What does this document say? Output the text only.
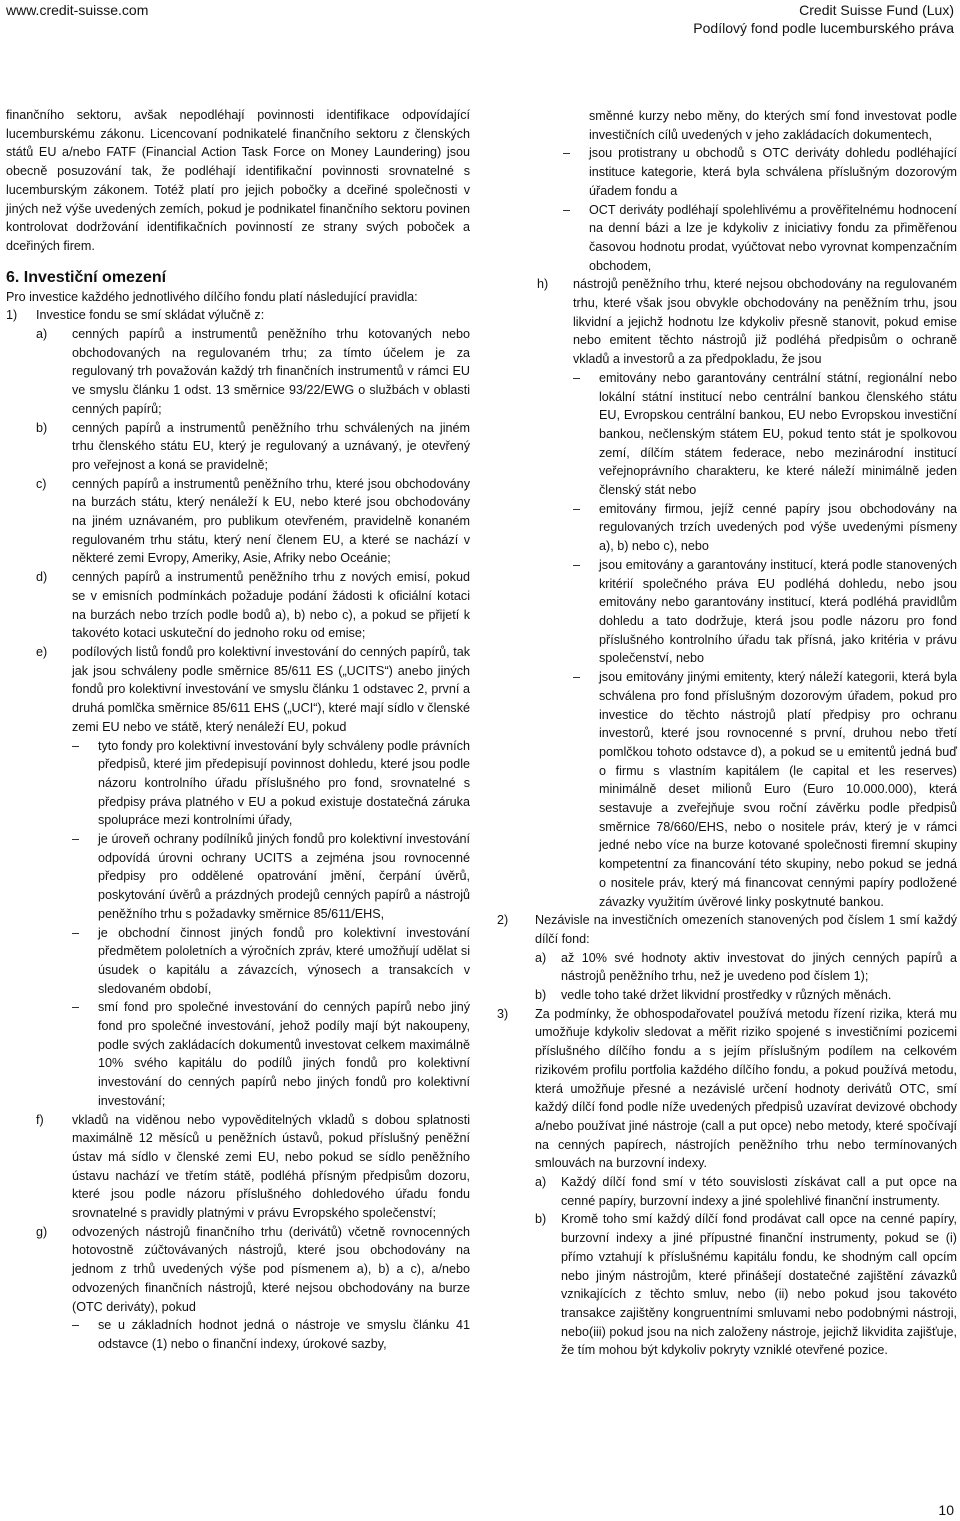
www.credit-suisse.com	Credit Suisse Fund (Lux)
Podílový fond podle lucemburského práva

finančního sektoru, avšak nepodléhají povinnosti identifikace odpovídající lucemburskému zákonu. Licencovaní podnikatelé finančního sektoru z členských států EU a/nebo FATF (Financial Action Task Force on Money Laundering) jsou obecně posuzování tak, že podléhají identifikační povinnosti srovnatelné s lucemburským zákonem. Totéž platí pro jejich pobočky a dceřiné společnosti v jiných než výše uvedených zemích, pokud je podnikatel finančního sektoru povinen kontrolovat dodržování identifikačních povinností ze strany svých poboček a dceřiných firem.

6. Investiční omezení

Pro investice každého jednotlivého dílčího fondu platí následující pravidla:

1) Investice fondu se smí skládat výlučně z:
a) cenných papírů a instrumentů peněžního trhu kotovaných nebo obchodovaných na regulovaném trhu; za tímto účelem je za regulovaný trh považován každý trh finančních instrumentů v rámci EU ve smyslu článku 1 odst. 13 směrnice 93/22/EWG o službách v oblasti cenných papírů;
b) cenných papírů a instrumentů peněžního trhu schválených na jiném trhu členského státu EU, který je regulovaný a uznávaný, je otevřený pro veřejnost a koná se pravidelně;
c) cenných papírů a instrumentů peněžního trhu, které jsou obchodovány na burzách státu, který nenáleží k EU, nebo které jsou obchodovány na jiném uznávaném, pro publikum otevřeném, pravidelně konaném regulovaném trhu státu, který není členem EU, a které se nachází v některé zemi Evropy, Ameriky, Asie, Afriky nebo Oceánie;
d) cenných papírů a instrumentů peněžního trhu z nových emisí, pokud se v emisních podmínkách požaduje podání žádosti k oficiální kotaci na burzách nebo trzích podle bodů a), b) nebo c), a pokud se přijetí k takovéto kotaci uskuteční do jednoho roku od emise;
e) podílových listů fondů pro kolektivní investování do cenných papírů, tak jak jsou schváleny podle směrnice 85/611 ES („UCITS“) anebo jiných fondů pro kolektivní investování ve smyslu článku 1 odstavec 2, první a druhá pomlčka směrnice 85/611 EHS („UCI“), které mají sídlo v členské zemi EU nebo ve státě, který nenáleží EU, pokud
– tyto fondy pro kolektivní investování byly schváleny podle právních předpisů, které jim předepisují povinnost dohledu, které jsou podle názoru kontrolního úřadu příslušného pro fond, srovnatelné s předpisy práva platného v EU a pokud existuje dostatečná záruka spolupráce mezi kontrolními úřady,
– je úroveň ochrany podílníků jiných fondů pro kolektivní investování odpovídá úrovni ochrany UCITS a zejména jsou rovnocenné předpisy pro oddělené opatrování jmění, čerpání úvěrů, poskytování úvěrů a prázdných prodejů cenných papírů a nástrojů peněžního trhu s požadavky směrnice 85/611/EHS,
– je obchodní činnost jiných fondů pro kolektivní investování předmětem pololetních a výročních zpráv, které umožňují udělat si úsudek o kapitálu a závazcích, výnosech a transakcích v sledovaném období,
– smí fond pro společné investování do cenných papírů nebo jiný fond pro společné investování, jehož podíly mají být nakoupeny, podle svých zakládacích dokumentů investovat celkem maximálně 10% svého kapitálu do podílů jiných fondů pro kolektivní investování do cenných papírů nebo jiných fondů pro kolektivní investování;
f) vkladů na viděnou nebo vypověditelných vkladů s dobou splatnosti maximálně 12 měsíců u peněžních ústavů, pokud příslušný peněžní ústav má sídlo v členské zemi EU, nebo pokud se sídlo peněžního ústavu nachází ve třetím státě, podléhá přísným předpisům dozoru, které jsou podle názoru příslušného dohledového úřadu fondu srovnatelné s pravidly platnými v právu Evropského společenství;
g) odvozených nástrojů finančního trhu (derivátů) včetně rovnocenných hotovostně zúčtovávaných nástrojů, které jsou obchodovány na jednom z trhů uvedených výše pod písmenem a), b) a c), a/nebo odvozených finančních nástrojů, které nejsou obchodovány na burze (OTC deriváty), pokud
– se u základních hodnot jedná o nástroje ve smyslu článku 41 odstavce (1) nebo o finanční indexy, úrokové sazby,
směnné kurzy nebo měny, do kterých smí fond investovat podle investičních cílů uvedených v jeho zakládacích dokumentech,
– jsou protistrany u obchodů s OTC deriváty dohledu podléhající instituce kategorie, která byla schválena příslušným dozorovým úřadem fondu a
– OCT deriváty podléhají spolehlivému a prověřitelnému hodnocení na denní bázi a lze je kdykoliv z iniciativy fondu za přiměřenou časovou hodnotu prodat, vyúčtovat nebo vyrovnat kompenzačním obchodem,
h) nástrojů peněžního trhu, které nejsou obchodovány na regulovaném trhu, které však jsou obvykle obchodovány na peněžním trhu, jsou likvidní a jejichž hodnotu lze kdykoliv přesně stanovit, pokud emise nebo emitent těchto nástrojů již podléhá předpisům o ochraně vkladů a investorů a za předpokladu, že jsou
– emitovány nebo garantovány centrální státní, regionální nebo lokální státní institucí nebo centrální bankou členského státu EU, Evropskou centrální bankou, EU nebo Evropskou investiční bankou, nečlenským státem EU, pokud tento stát je spolkovou zemí, dílčím státem federace, nebo mezinárodní institucí veřejnoprávního charakteru, ke které náleží minimálně jeden členský stát nebo
– emitovány firmou, jejíž cenné papíry jsou obchodovány na regulovaných trzích uvedených pod výše uvedenými písmeny a), b) nebo c), nebo
– jsou emitovány a garantovány institucí, která podle stanovených kritérií společného práva EU podléhá dohledu, nebo jsou emitovány nebo garantovány institucí, která podléhá pravidlům dohledu a tato dodržuje, která jsou podle názoru pro fond příslušného kontrolního úřadu tak přísná, jako kritéria v právu společenství, nebo
– jsou emitovány jinými emitenty, který náleží kategorii, která byla schválena pro fond příslušným dozorovým úřadem, pokud pro investice do těchto nástrojů platí předpisy pro ochranu investorů, které jsou rovnocenné s první, druhou nebo třetí pomlčkou tohoto odstavce d), a pokud se u emitentů jedná buď o firmu s vlastním kapitálem (le capital et les reserves) minimálně deset milionů Euro (Euro 10.000.000), která sestavuje a zveřejňuje svou roční závěrku podle předpisů směrnice 78/660/EHS, nebo o nositele práv, který je v rámci jedné nebo více na burze kotované společnosti firemní skupiny kompetentní za financování této skupiny, nebo pokud se jedná o nositele práv, který má financovat cennými papíry podložené závazky využitím úvěrové linky poskytnuté bankou.
2) Nezávisle na investičních omezeních stanovených pod číslem 1 smí každý dílčí fond:
a) až 10% své hodnoty aktiv investovat do jiných cenných papírů a nástrojů peněžního trhu, než je uvedeno pod číslem 1);
b) vedle toho také držet likvidní prostředky v různých měnách.
3) Za podmínky, že obhospodařovatel používá metodu řízení rizika, která mu umožňuje kdykoliv sledovat a měřit riziko spojené s investičními pozicemi příslušného dílčího fondu a s jejím příslušným podílem na celkovém rizikovém profilu portfolia každého dílčího fondu, a pokud používá metodu, která umožňuje přesné a nezávislé určení hodnoty derivátů OTC, smí každý dílčí fond podle níže uvedených předpisů uzavírat devizové obchody a/nebo používat jiné nástroje (call a put opce) nebo metody, které spočívají na cenných papírech, nástrojích peněžního trhu nebo termínovaných smlouvách na burzovní indexy.
a) Každý dílčí fond smí v této souvislosti získávat call a put opce na cenné papíry, burzovní indexy a jiné spolehlivé finanční instrumenty.
b) Kromě toho smí každý dílčí fond prodávat call opce na cenné papíry, burzovní indexy a jiné přípustné finanční instrumenty, pokud se (i) přímo vztahují k příslušnému kapitálu fondu, ke shodným call opcím nebo jiným nástrojům, které přinášejí dostatečné zajištění závazků vznikajících z těchto smluv, nebo (ii) nebo pokud jsou takovéto transakce zajištěny kongruentními smluvami nebo podobnými nástroji, nebo(iii) pokud jsou na nich založeny nástroje, jejichž likvidita zajišťuje, že tím mohou být kdykoliv pokryty vzniklé otevřené pozice.
10
